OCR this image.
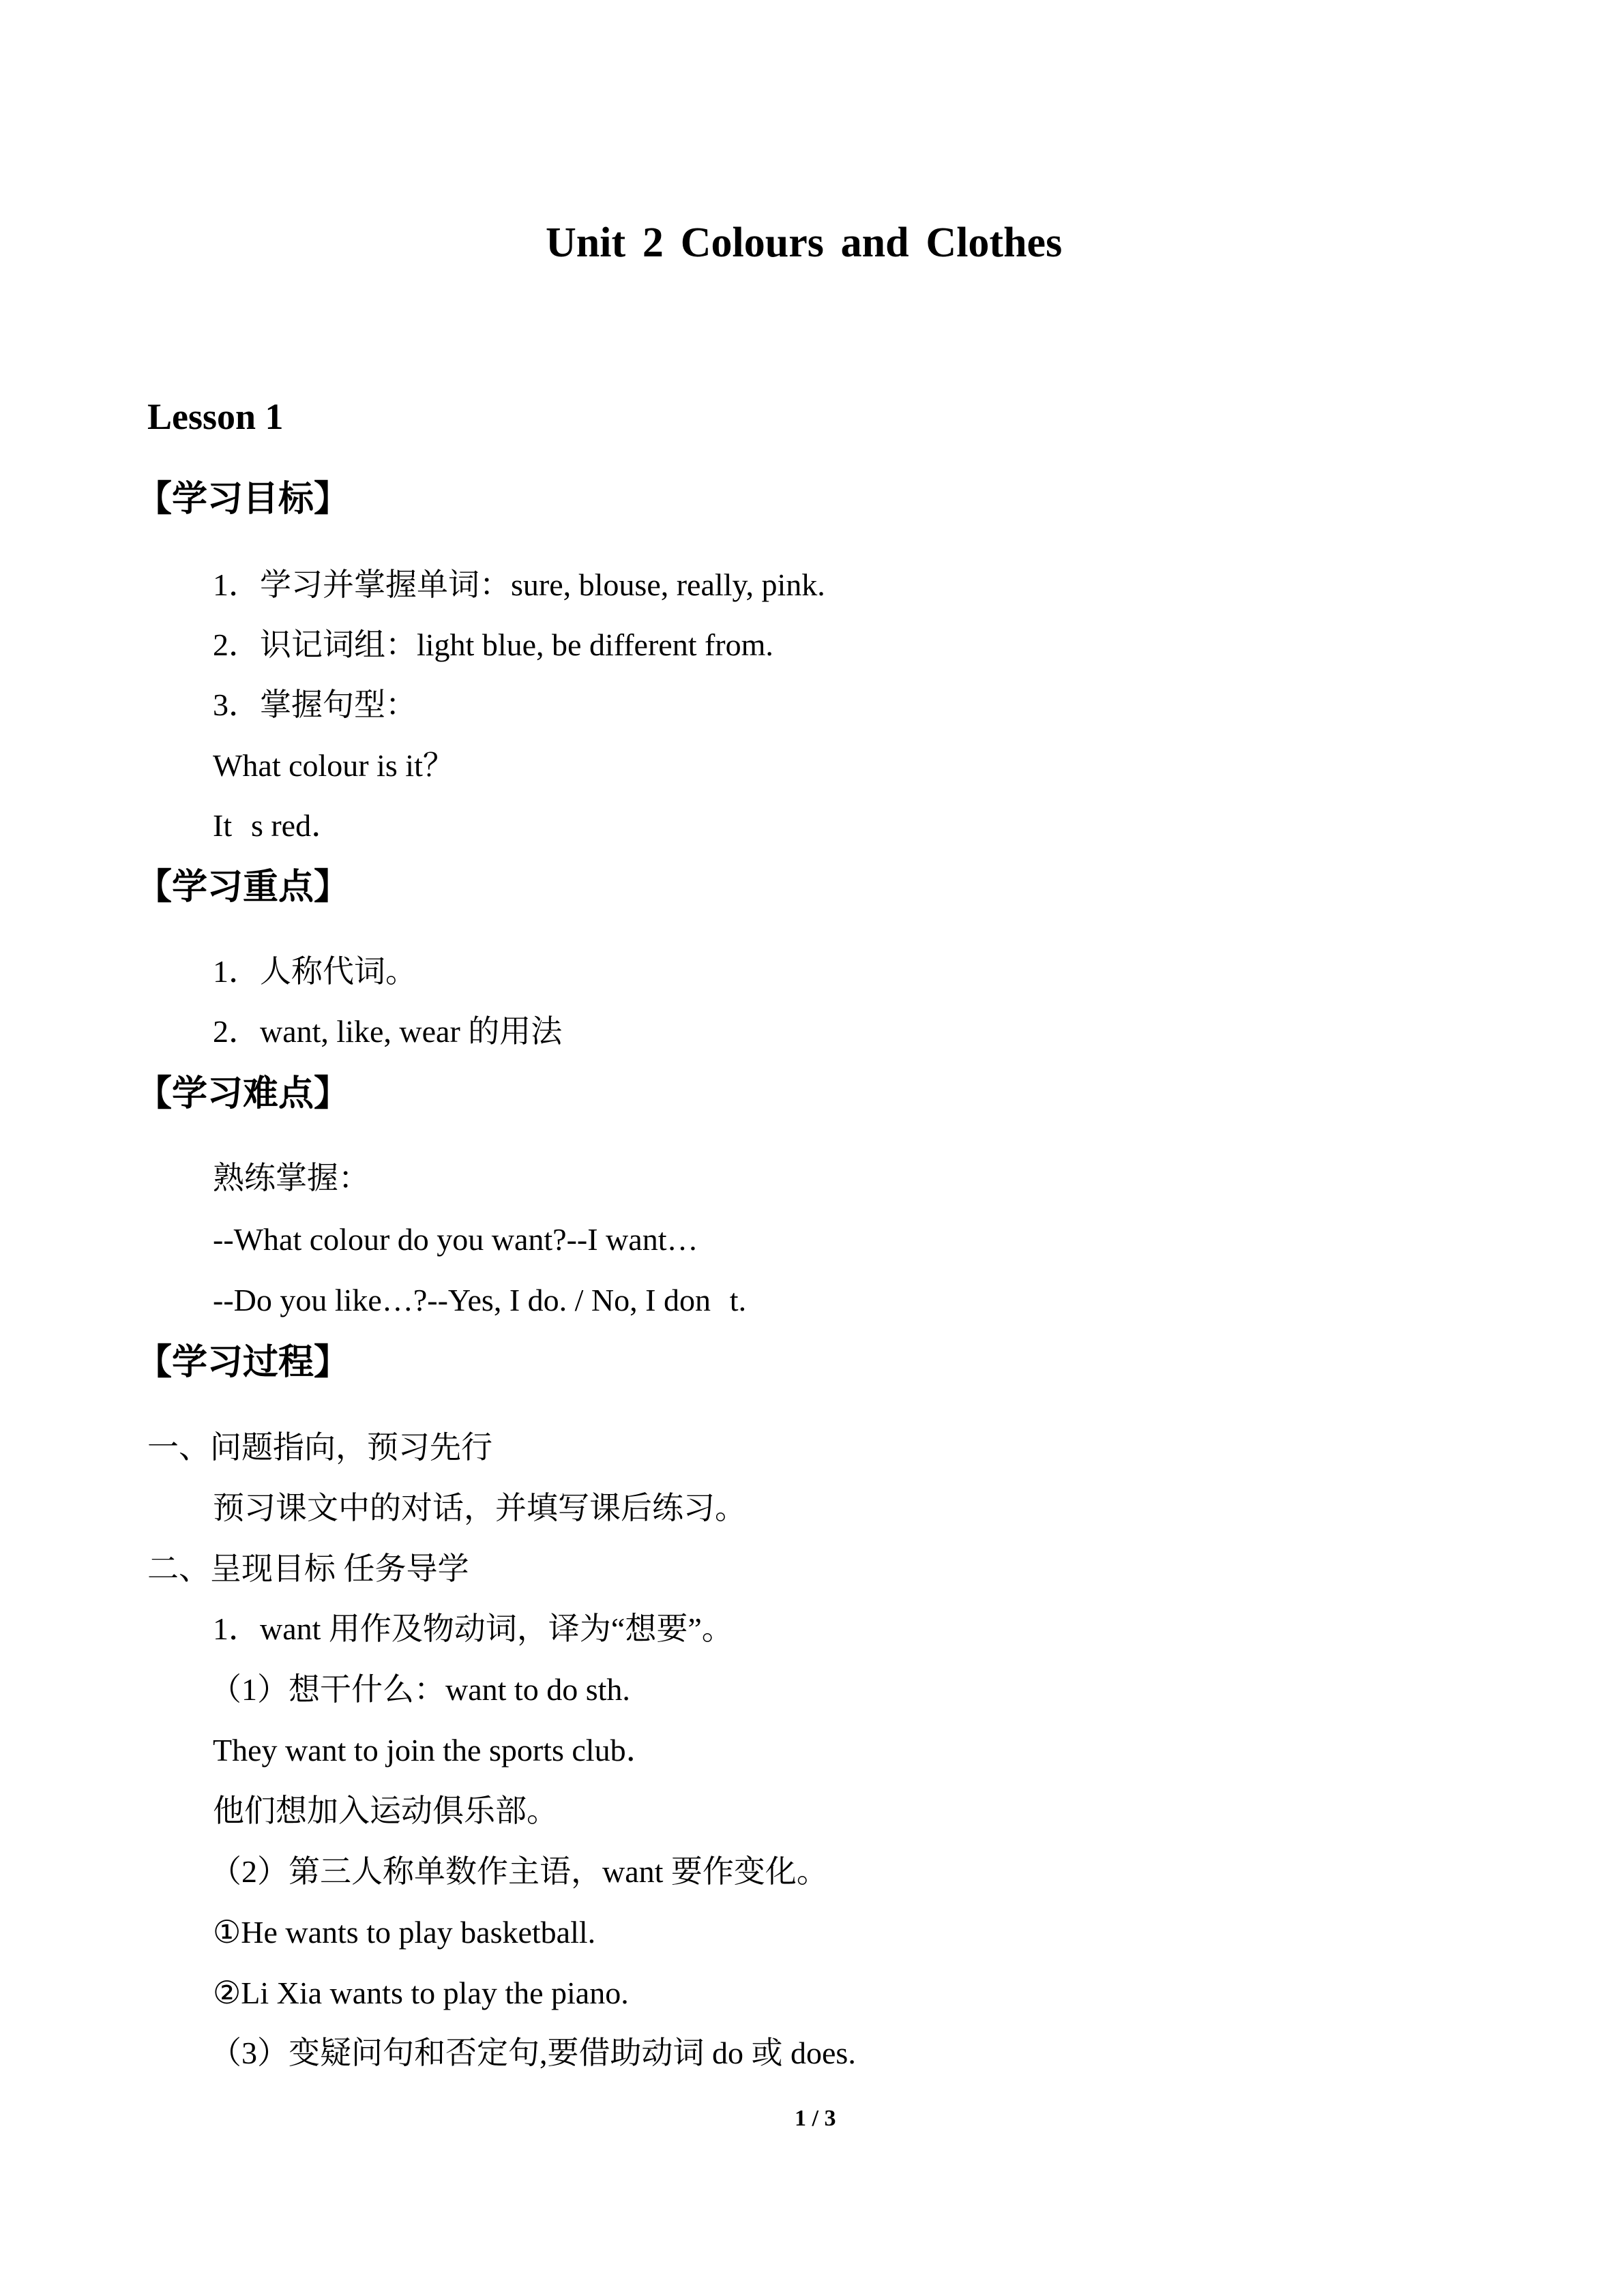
Unit 2 Colours and Clothes
Lesson 1
【学习目标】
1．学习并掌握单词：sure, blouse, really, pink.
2．识记词组：light blue, be different from.
3．掌握句型：
What colour is it？
Its red．
【学习重点】
1．人称代词。
2．want, like, wear 的用法
【学习难点】
熟练掌握：
--What colour do you want?--I want…
--Do you like…?--Yes, I do. / No, I dont.
【学习过程】
一、问题指向，预习先行
预习课文中的对话，并填写课后练习。
二、呈现目标 任务导学
1．want 用作及物动词，译为“想要”。
（1）想干什么：want to do sth.
They want to join the sports club．
他们想加入运动俱乐部。
（2）第三人称单数作主语，want 要作变化。
①He wants to play basketball.
②Li Xia wants to play the piano.
（3）变疑问句和否定句,要借助动词 do 或 does.
1 / 3
